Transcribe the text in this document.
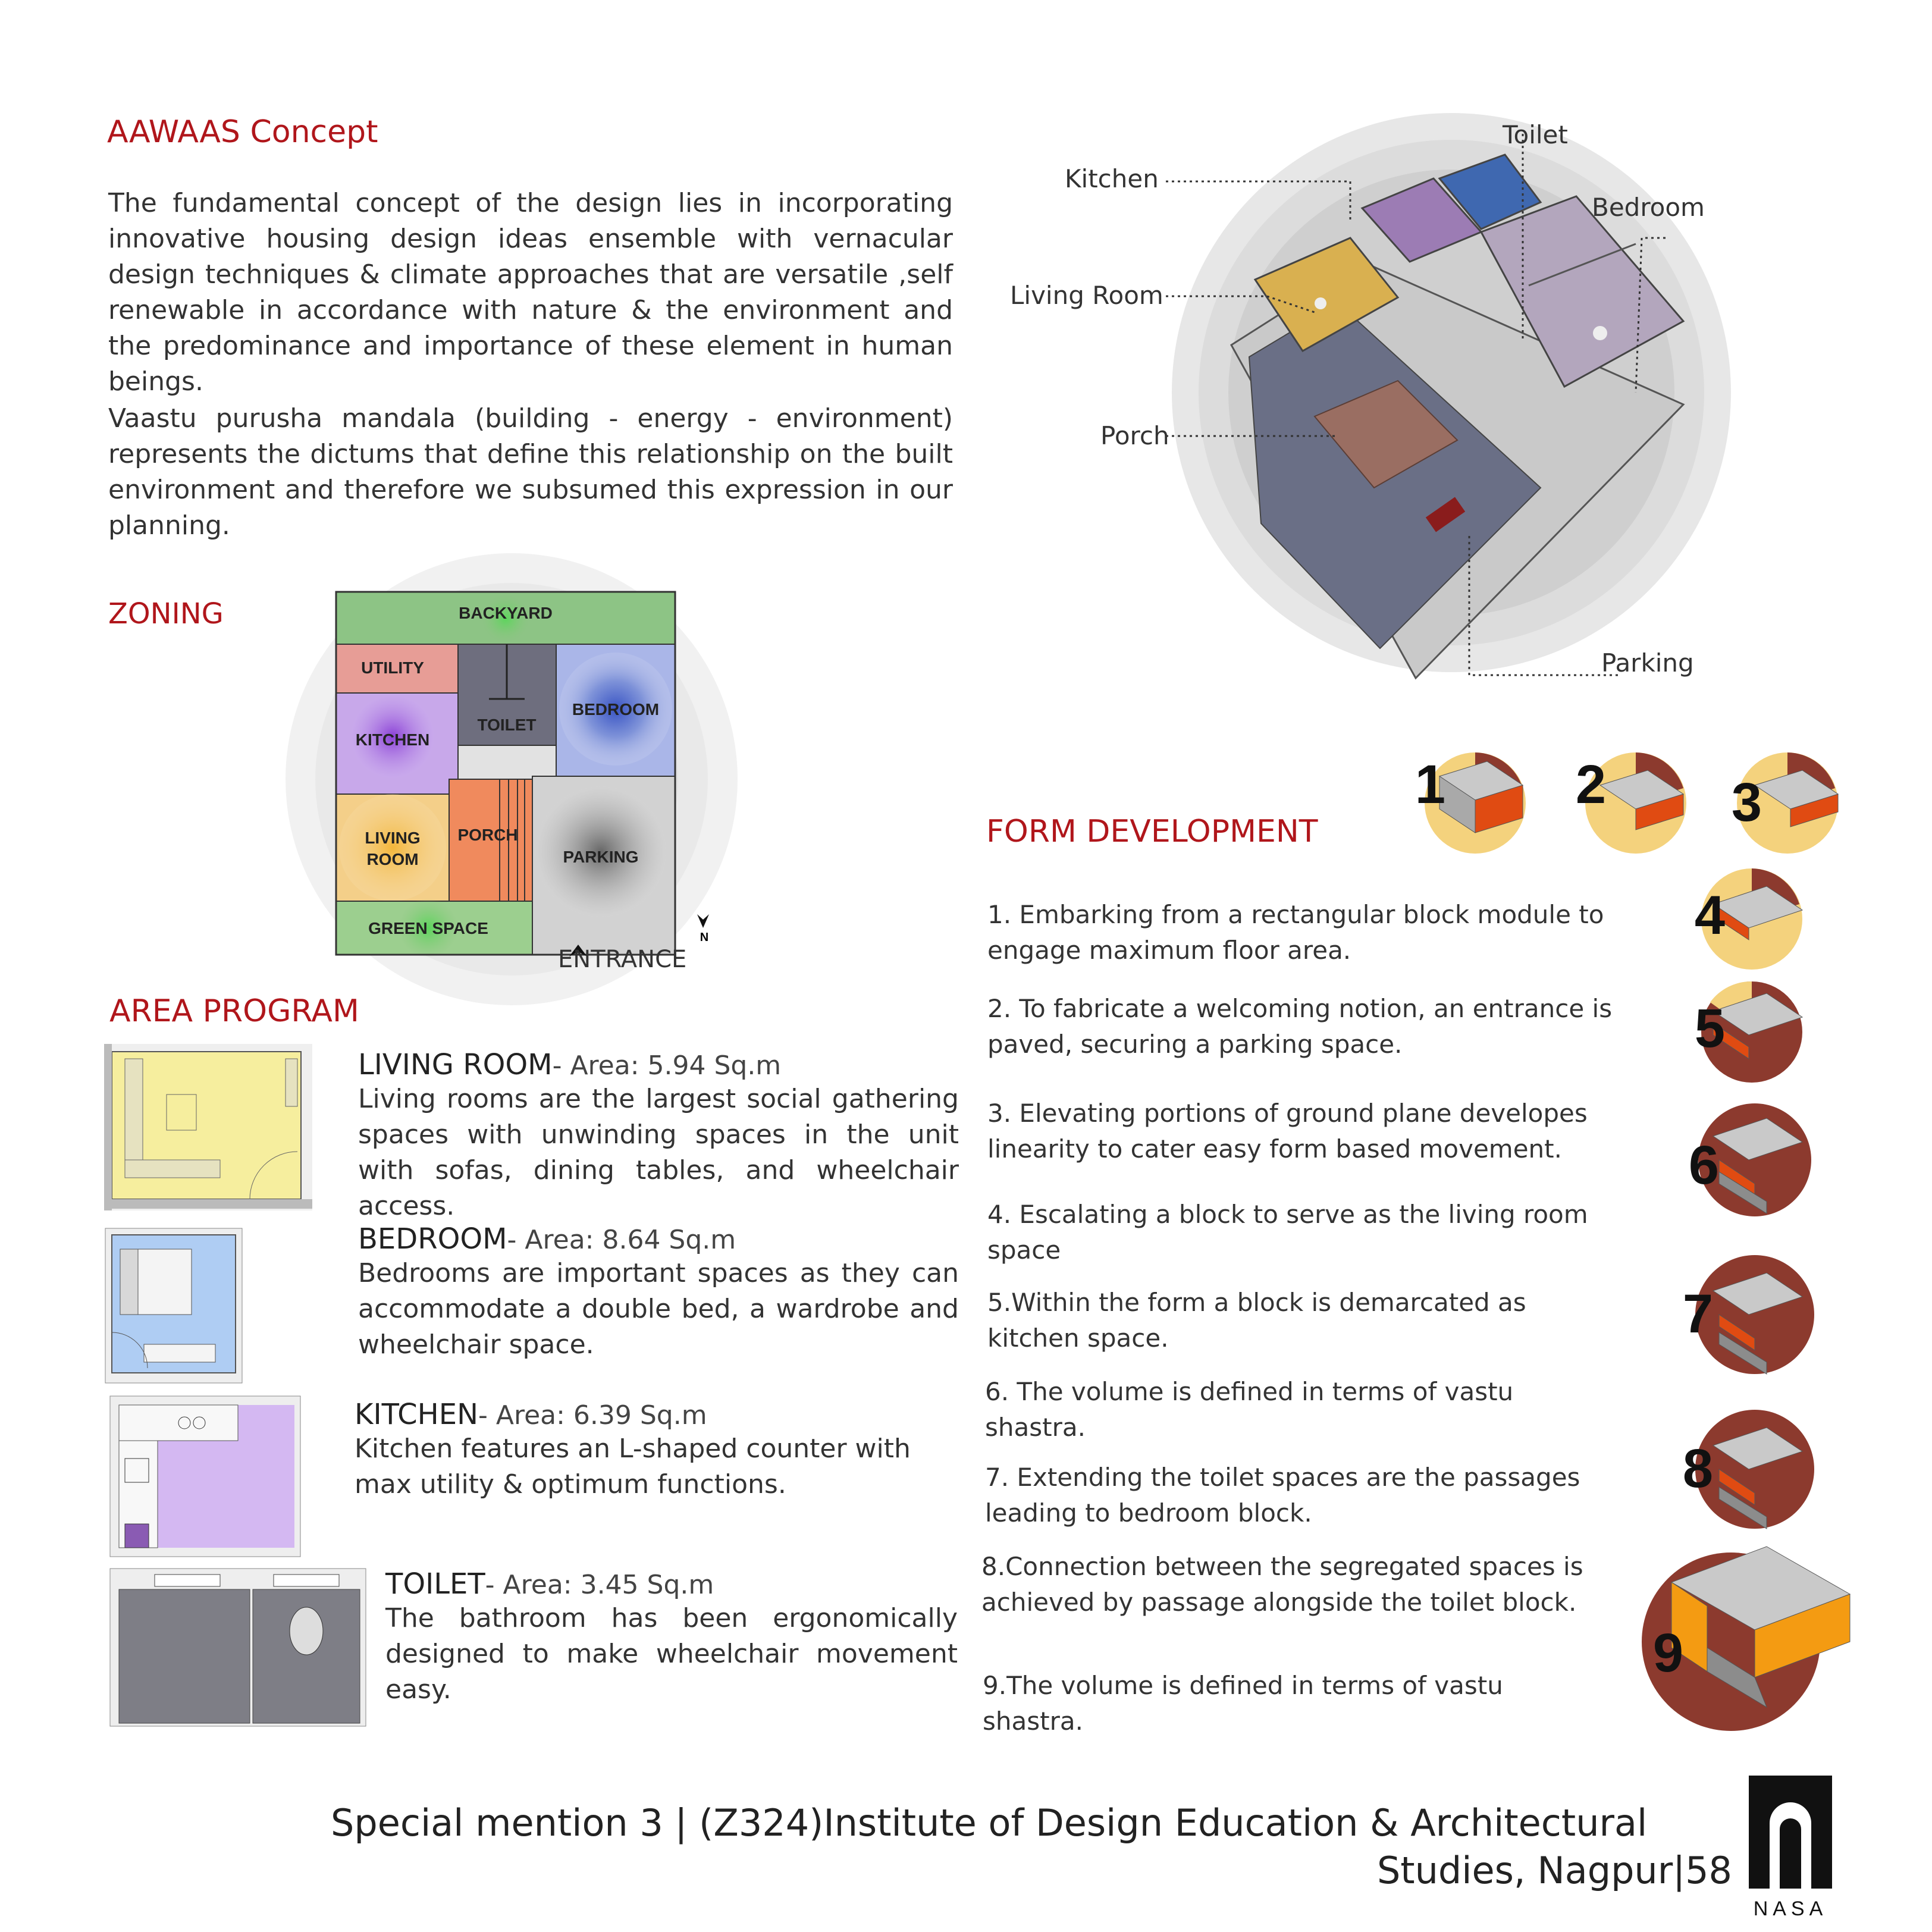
AAWAAS Concept
The fundamental concept of the design lies in incorporating innovative housing design ideas ensemble with vernacular design techniques & climate approaches that are versatile ,self renewable in accordance with nature & the environment and the predominance and importance of these element in human beings.
Vaastu purusha mandala (building - energy - environment) represents the dictums that define this relationship on the built environment and therefore we subsumed this expression in our planning.
ZONING	BACKYARD
UTILITY
KITCHEN
TOILET
BEDROOM
LIVING
ROOM
PORCH
PARKING
GREEN SPACE	N
ENTRANCE
Kitchen
Toilet
Bedroom
Living Room
Porch
Parking
AREA PROGRAM
LIVING ROOM- Area: 5.94 Sq.m
Living rooms are the largest social gathering spaces with unwinding spaces in the unit with sofas, dining tables, and wheelchair access.
BEDROOM- Area: 8.64 Sq.m
Bedrooms are important spaces as they can accommodate a double bed, a wardrobe and wheelchair space.
KITCHEN- Area: 6.39 Sq.m
Kitchen features an L-shaped counter with max utility & optimum functions.
TOILET- Area: 3.45 Sq.m
The bathroom has been ergonomically designed to make wheelchair movement easy.
FORM DEVELOPMENT
1. Embarking from a rectangular block module to engage maximum floor area.
2. To fabricate a welcoming notion, an entrance is paved, securing a parking space.
3. Elevating portions of ground plane developes linearity to cater easy form based movement.
4. Escalating a block to serve as the living room space
5.Within the form a block is demarcated as kitchen space.
6. The volume is defined in terms of vastu shastra.
7. Extending the toilet spaces are the passages leading to bedroom block.
8.Connection between the segregated spaces is achieved by passage alongside the toilet block.
9.The volume is defined in terms of vastu shastra.
1 2 3
4
5
6
7
8
9
Special mention 3 | (Z324)Institute of Design Education & Architectural
Studies, Nagpur|58
NASA
